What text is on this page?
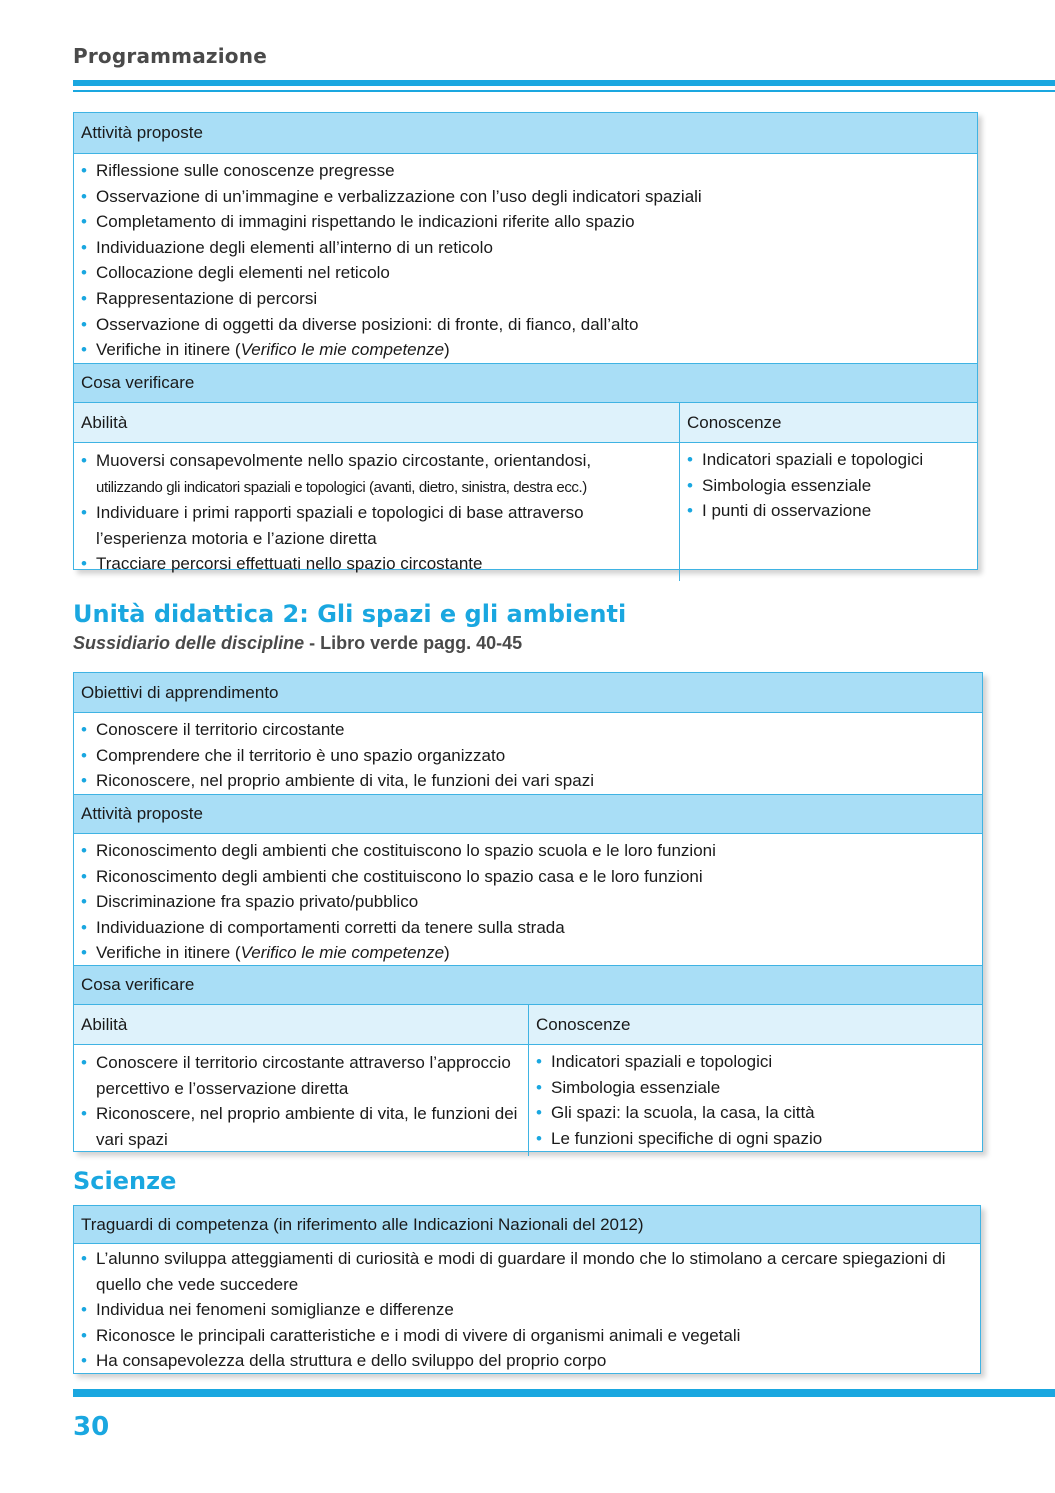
Programmazione
Attività proposte
• Riflessione sulle conoscenze pregresse
• Osservazione di un’immagine e verbalizzazione con l’uso degli indicatori spaziali
• Completamento di immagini rispettando le indicazioni riferite allo spazio
• Individuazione degli elementi all’interno di un reticolo
• Collocazione degli elementi nel reticolo
• Rappresentazione di percorsi
• Osservazione di oggetti da diverse posizioni: di fronte, di fianco, dall’alto
• Verifiche in itinere (Verifico le mie competenze)
Cosa verificare
Abilità	Conoscenze
• Muoversi consapevolmente nello spazio circostante, orientandosi,
utilizzando gli indicatori spaziali e topologici (avanti, dietro, sinistra, destra ecc.)
• Individuare i primi rapporti spaziali e topologici di base attraverso l’esperienza motoria e l’azione diretta
• Tracciare percorsi effettuati nello spazio circostante
• Indicatori spaziali e topologici
• Simbologia essenziale
• I punti di osservazione
Unità didattica 2: Gli spazi e gli ambienti
Sussidiario delle discipline - Libro verde pagg. 40-45
Obiettivi di apprendimento
• Conoscere il territorio circostante
• Comprendere che il territorio è uno spazio organizzato
• Riconoscere, nel proprio ambiente di vita, le funzioni dei vari spazi
Attività proposte
• Riconoscimento degli ambienti che costituiscono lo spazio scuola e le loro funzioni
• Riconoscimento degli ambienti che costituiscono lo spazio casa e le loro funzioni
• Discriminazione fra spazio privato/pubblico
• Individuazione di comportamenti corretti da tenere sulla strada
• Verifiche in itinere (Verifico le mie competenze)
Cosa verificare
Abilità	Conoscenze
• Conoscere il territorio circostante attraverso l’approccio percettivo e l’osservazione diretta
• Riconoscere, nel proprio ambiente di vita, le funzioni dei vari spazi
• Indicatori spaziali e topologici
• Simbologia essenziale
• Gli spazi: la scuola, la casa, la città
• Le funzioni specifiche di ogni spazio
Scienze
Traguardi di competenza (in riferimento alle Indicazioni Nazionali del 2012)
• L’alunno sviluppa atteggiamenti di curiosità e modi di guardare il mondo che lo stimolano a cercare spiegazioni di quello che vede succedere
• Individua nei fenomeni somiglianze e differenze
• Riconosce le principali caratteristiche e i modi di vivere di organismi animali e vegetali
• Ha consapevolezza della struttura e dello sviluppo del proprio corpo
30
